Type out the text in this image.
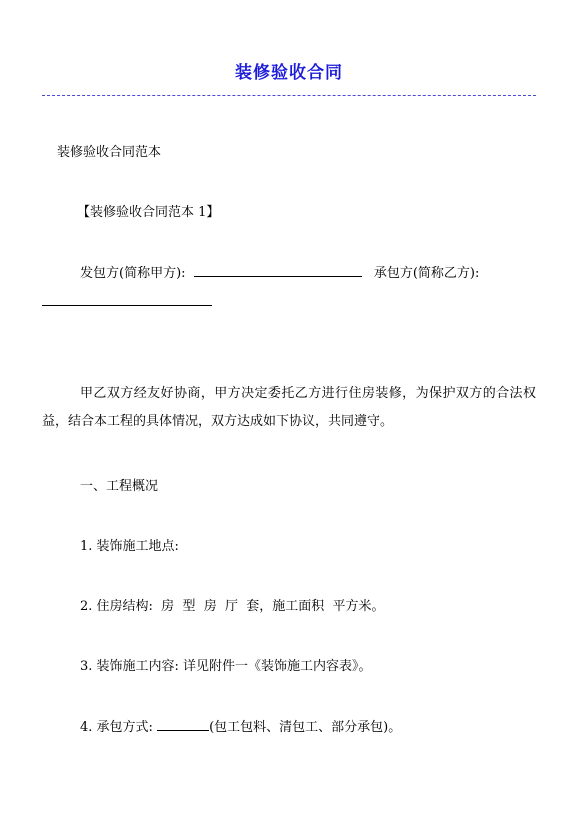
装修验收合同
装修验收合同范本
【装修验收合同范本 1】
发包方(简称甲方):	承包方(简称乙方):
甲乙双方经友好协商，甲方决定委托乙方进行住房装修，为保护双方的合法权益，结合本工程的具体情况，双方达成如下协议，共同遵守。
一、工程概况
1. 装饰施工地点:
2. 住房结构:  房  型  房  厅  套，施工面积  平方米。
3. 装饰施工内容: 详见附件一《装饰施工内容表》。
4. 承包方式:	(包工包料、清包工、部分承包)。
